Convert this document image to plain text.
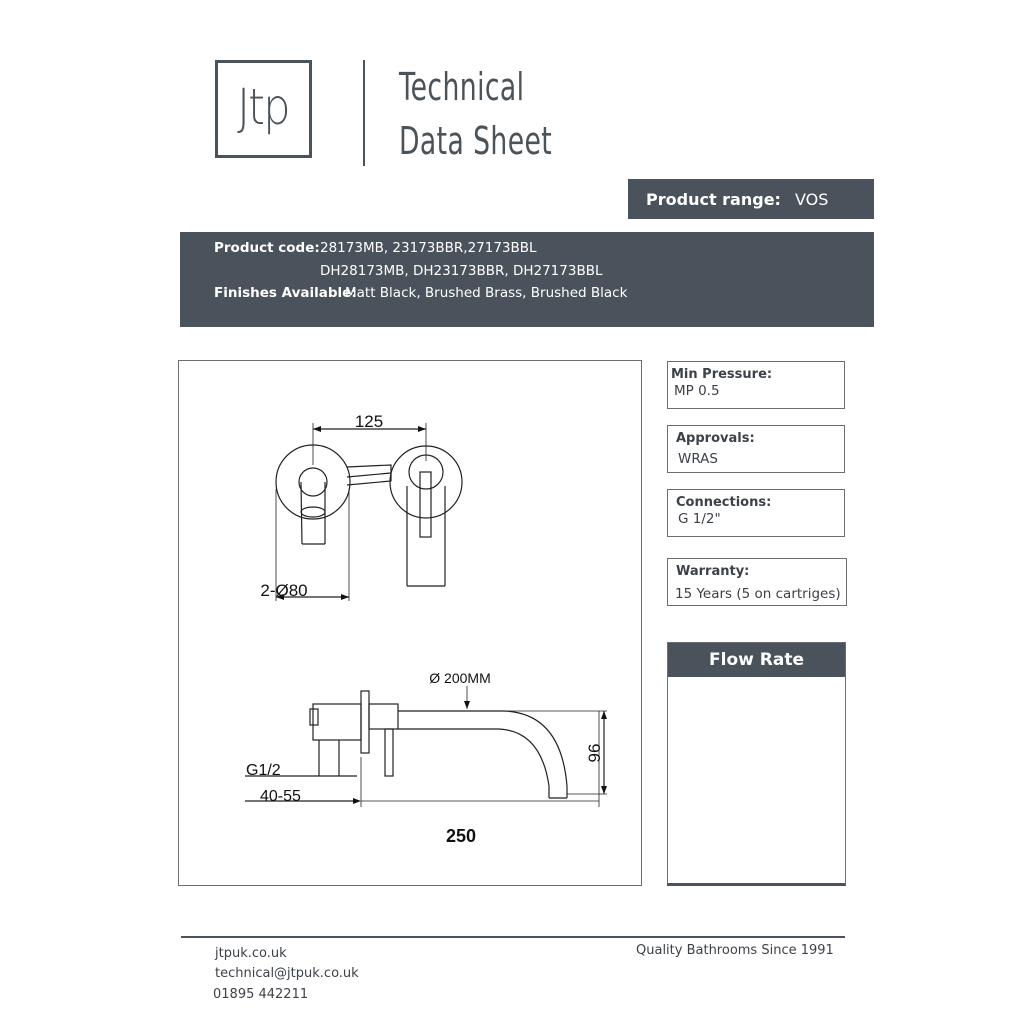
Jtp	Technical
Data Sheet
Product range: VOS
Product code: 28173MB, 23173BBR,27173BBL
DH28173MB, DH23173BBR, DH27173BBL
Finishes Available:
Matt Black, Brushed Brass, Brushed Black
125
2-Ø80
Ø 200MM
96
G1/2
40-55
250
Min Pressure:
MP 0.5
Approvals:
WRAS
Connections:
G 1/2"
Warranty:
15 Years (5 on cartriges)
Flow Rate
jtpuk.co.uk
technical@jtpuk.co.uk
01895 442211
Quality Bathrooms Since 1991
